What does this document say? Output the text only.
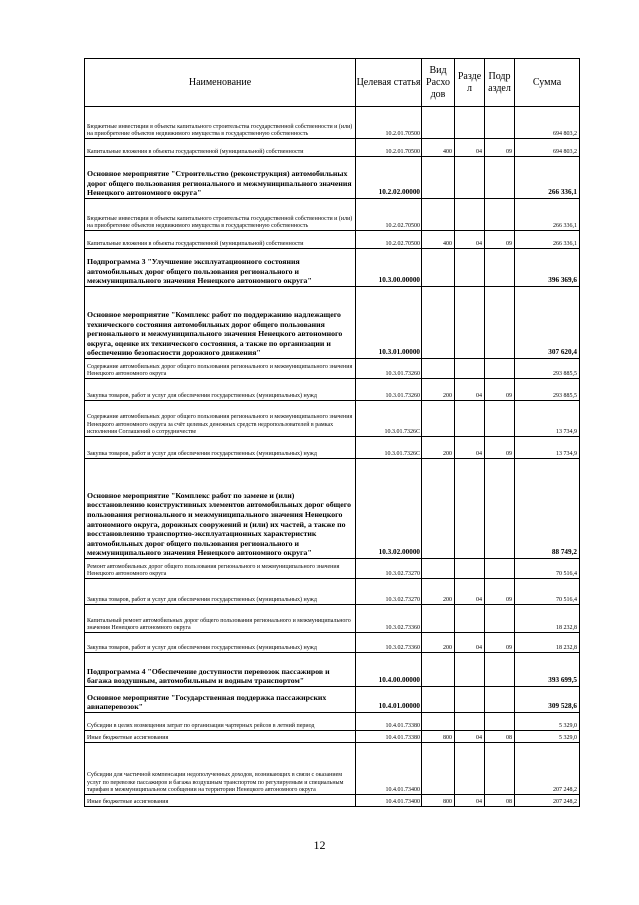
Наименование	Целевая статья	Вид Расхо дов	Разде л	Подр аздел	Сумма
Бюджетные инвестиции в объекты капитального строительства государственной собственности и (или) на приобретение объектов недвижимого имущества в государственную собственность	10.2.01.70500				694 803,2
Капитальные вложения в объекты государственной (муниципальной) собственности	10.2.01.70500	400	04	09	694 803,2
Основное мероприятие "Строительство (реконструкция) автомобильных дорог общего пользования регионального и межмуниципального значения Ненецкого автономного округа"	10.2.02.00000				266 336,1
Бюджетные инвестиции в объекты капитального строительства государственной собственности и (или) на приобретение объектов недвижимого имущества в государственную собственность	10.2.02.70500				266 336,1
Капитальные вложения в объекты государственной (муниципальной) собственности	10.2.02.70500	400	04	09	266 336,1
Подпрограмма 3 "Улучшение эксплуатационного состояния автомобильных дорог общего пользования регионального и межмуниципального значения Ненецкого автономного округа"	10.3.00.00000				396 369,6
Основное мероприятие "Комплекс работ по поддержанию надлежащего технического состояния автомобильных дорог общего пользования регионального и межмуниципального значения Ненецкого автономного округа, оценке их технического состояния, а также по организации и обеспечению безопасности дорожного движения"	10.3.01.00000				307 620,4
Содержание автомобильных дорог общего пользования регионального и межмуниципального значения Ненецкого автономного округа	10.3.01.73260				293 885,5
Закупка товаров, работ и услуг для обеспечения государственных (муниципальных) нужд	10.3.01.73260	200	04	09	293 885,5
Содержание автомобильных дорог общего пользования регионального и межмуниципального значения Ненецкого автономного округа за счёт целевых денежных средств недропользователей в рамках исполнения Соглашений о сотрудничестве	10.3.01.7326C				13 734,9
Закупка товаров, работ и услуг для обеспечения государственных (муниципальных) нужд	10.3.01.7326C	200	04	09	13 734,9
Основное мероприятие "Комплекс работ по замене и (или) восстановлению конструктивных элементов автомобильных дорог общего пользования регионального и межмуниципального значения Ненецкого автономного округа, дорожных сооружений и (или) их частей, а также по восстановлению транспортно-эксплуатационных характеристик автомобильных дорог общего пользования регионального и межмуниципального значения Ненецкого автономного округа"	10.3.02.00000				88 749,2
Ремонт автомобильных дорог общего пользования регионального и межмуниципального значения Ненецкого автономного округа	10.3.02.73270				70 516,4
Закупка товаров, работ и услуг для обеспечения государственных (муниципальных) нужд	10.3.02.73270	200	04	09	70 516,4
Капитальный ремонт автомобильных дорог общего пользования регионального и межмуниципального значения Ненецкого автономного округа	10.3.02.73360				18 232,8
Закупка товаров, работ и услуг для обеспечения государственных (муниципальных) нужд	10.3.02.73360	200	04	09	18 232,8
Подпрограмма 4 "Обеспечение доступности перевозок пассажиров и багажа воздушным, автомобильным и водным транспортом"	10.4.00.00000				393 699,5
Основное мероприятие "Государственная поддержка пассажирских авиаперевозок"	10.4.01.00000				309 528,6
Субсидии в целях возмещения затрат по организации чартерных рейсов в летний период	10.4.01.73380				5 329,0
Иные бюджетные ассигнования	10.4.01.73380	800	04	08	5 329,0
Субсидии для частичной компенсации недополученных доходов, возникающих в связи с оказанием услуг по перевозке пассажиров и багажа воздушным транспортом по регулируемым и специальным тарифам в межмуниципальном сообщении на территории Ненецкого автономного округа	10.4.01.73400				207 248,2
Иные бюджетные ассигнования	10.4.01.73400	800	04	08	207 248,2
12
